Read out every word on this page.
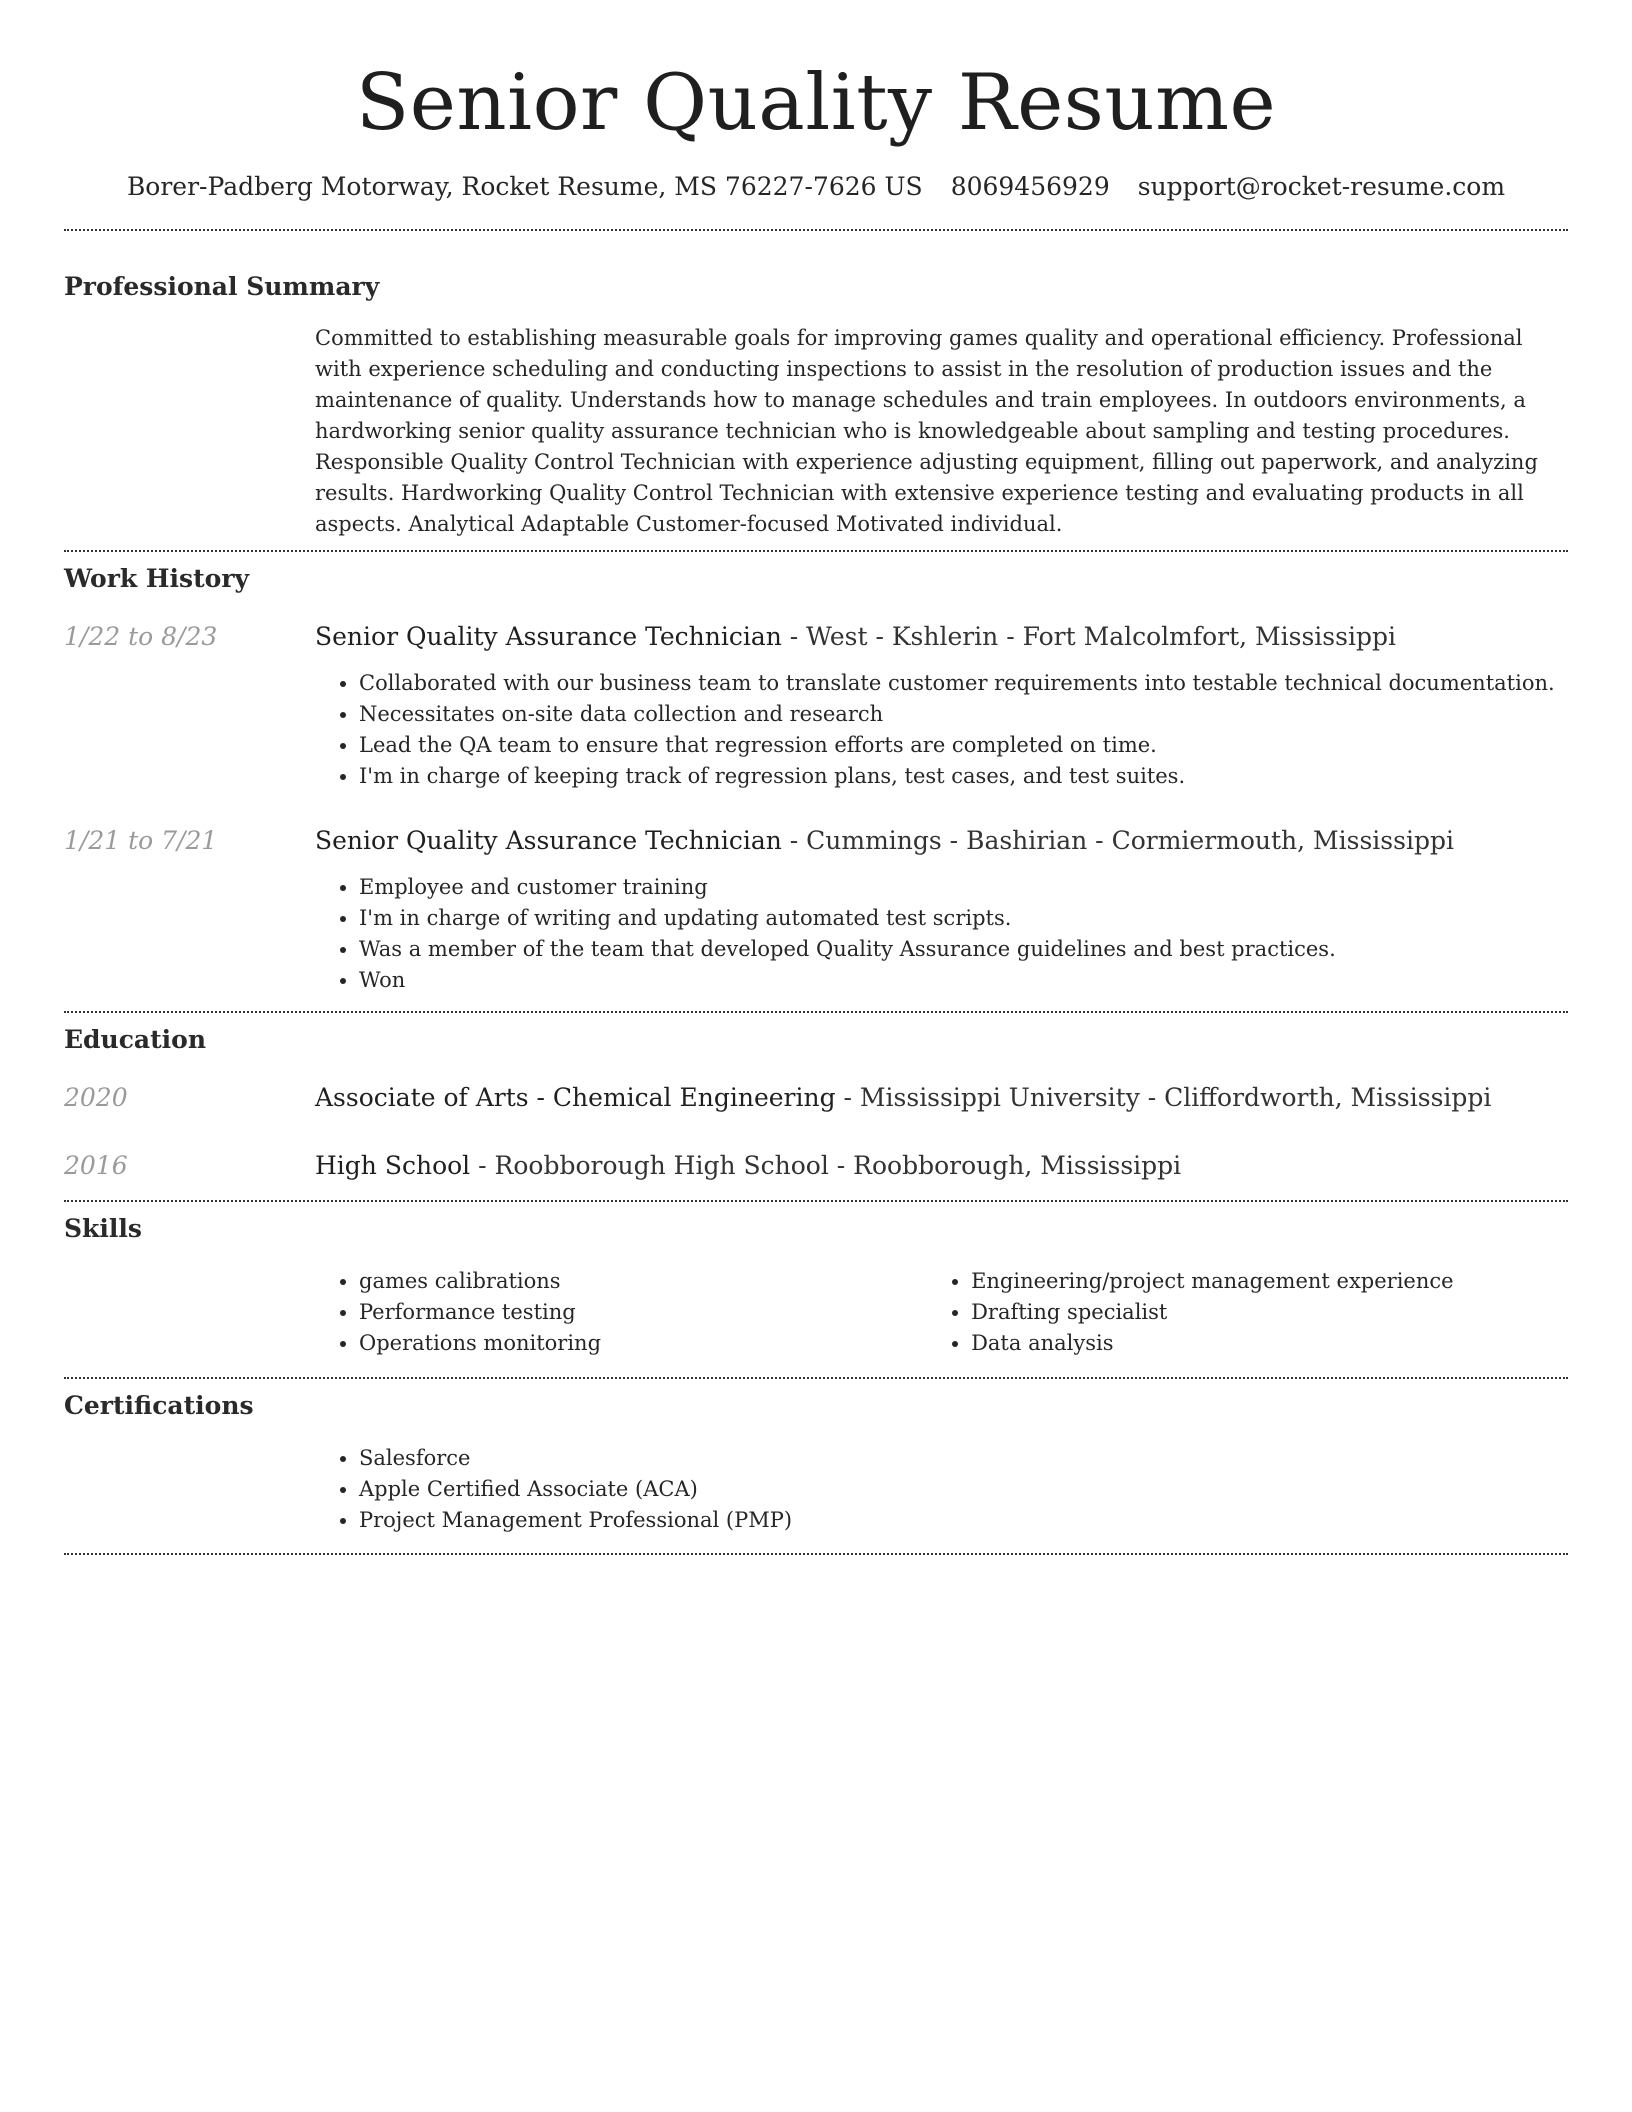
Senior Quality Resume
Borer-Padberg Motorway, Rocket Resume, MS 76227-7626 US 8069456929 support@rocket-resume.com
Professional Summary
Committed to establishing measurable goals for improving games quality and operational efficiency. Professional with experience scheduling and conducting inspections to assist in the resolution of production issues and the maintenance of quality. Understands how to manage schedules and train employees. In outdoors environments, a hardworking senior quality assurance technician who is knowledgeable about sampling and testing procedures. Responsible Quality Control Technician with experience adjusting equipment, filling out paperwork, and analyzing results. Hardworking Quality Control Technician with extensive experience testing and evaluating products in all aspects. Analytical Adaptable Customer-focused Motivated individual.
Work History
1/22 to 8/23	Senior Quality Assurance Technician - West - Kshlerin - Fort Malcolmfort, Mississippi
• Collaborated with our business team to translate customer requirements into testable technical documentation.
• Necessitates on-site data collection and research
• Lead the QA team to ensure that regression efforts are completed on time.
• I'm in charge of keeping track of regression plans, test cases, and test suites.
1/21 to 7/21	Senior Quality Assurance Technician - Cummings - Bashirian - Cormiermouth, Mississippi
• Employee and customer training
• I'm in charge of writing and updating automated test scripts.
• Was a member of the team that developed Quality Assurance guidelines and best practices.
• Won
Education
2020	Associate of Arts - Chemical Engineering - Mississippi University - Cliffordworth, Mississippi
2016	High School - Roobborough High School - Roobborough, Mississippi
Skills
• games calibrations
• Performance testing
• Operations monitoring
• Engineering/project management experience
• Drafting specialist
• Data analysis
Certifications
• Salesforce
• Apple Certified Associate (ACA)
• Project Management Professional (PMP)
